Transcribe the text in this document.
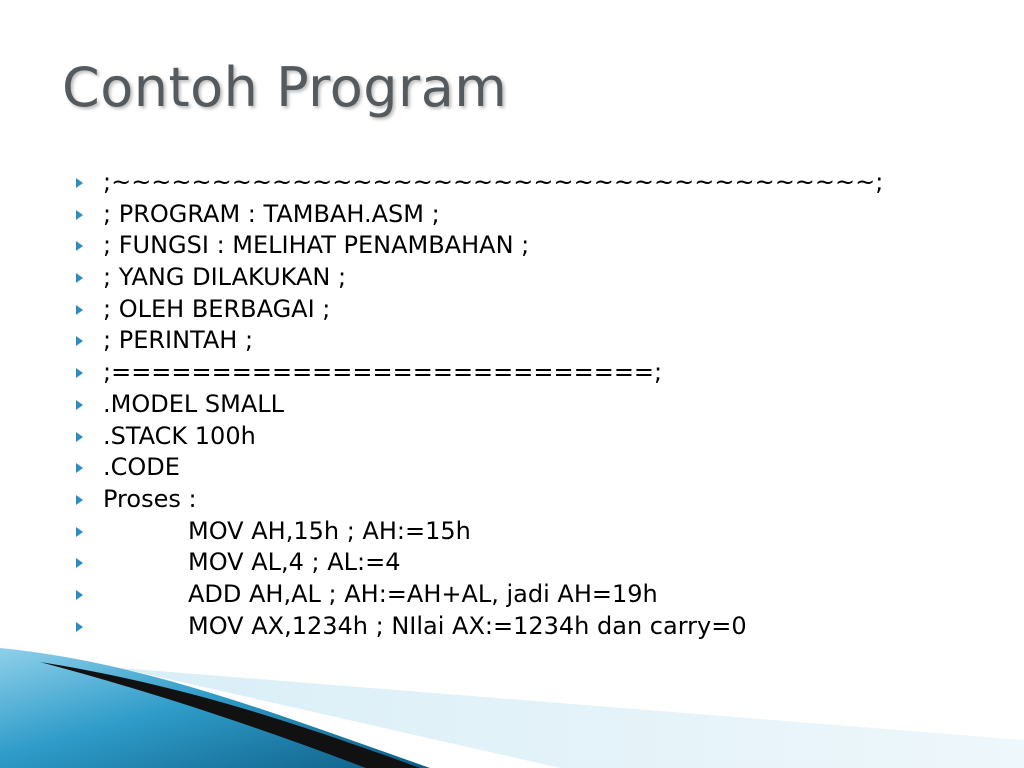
Contoh Program
;~~~~~~~~~~~~~~~~~~~~~~~~~~~~~~~~~~~~~~;
; PROGRAM : TAMBAH.ASM ;
; FUNGSI : MELIHAT PENAMBAHAN ;
; YANG DILAKUKAN ;
; OLEH BERBAGAI ;
; PERINTAH ;
;===========================;
.MODEL SMALL
.STACK 100h
.CODE
Proses :
MOV AH,15h ; AH:=15h
MOV AL,4 ; AL:=4
ADD AH,AL ; AH:=AH+AL, jadi AH=19h
MOV AX,1234h ; NIlai AX:=1234h dan carry=0
